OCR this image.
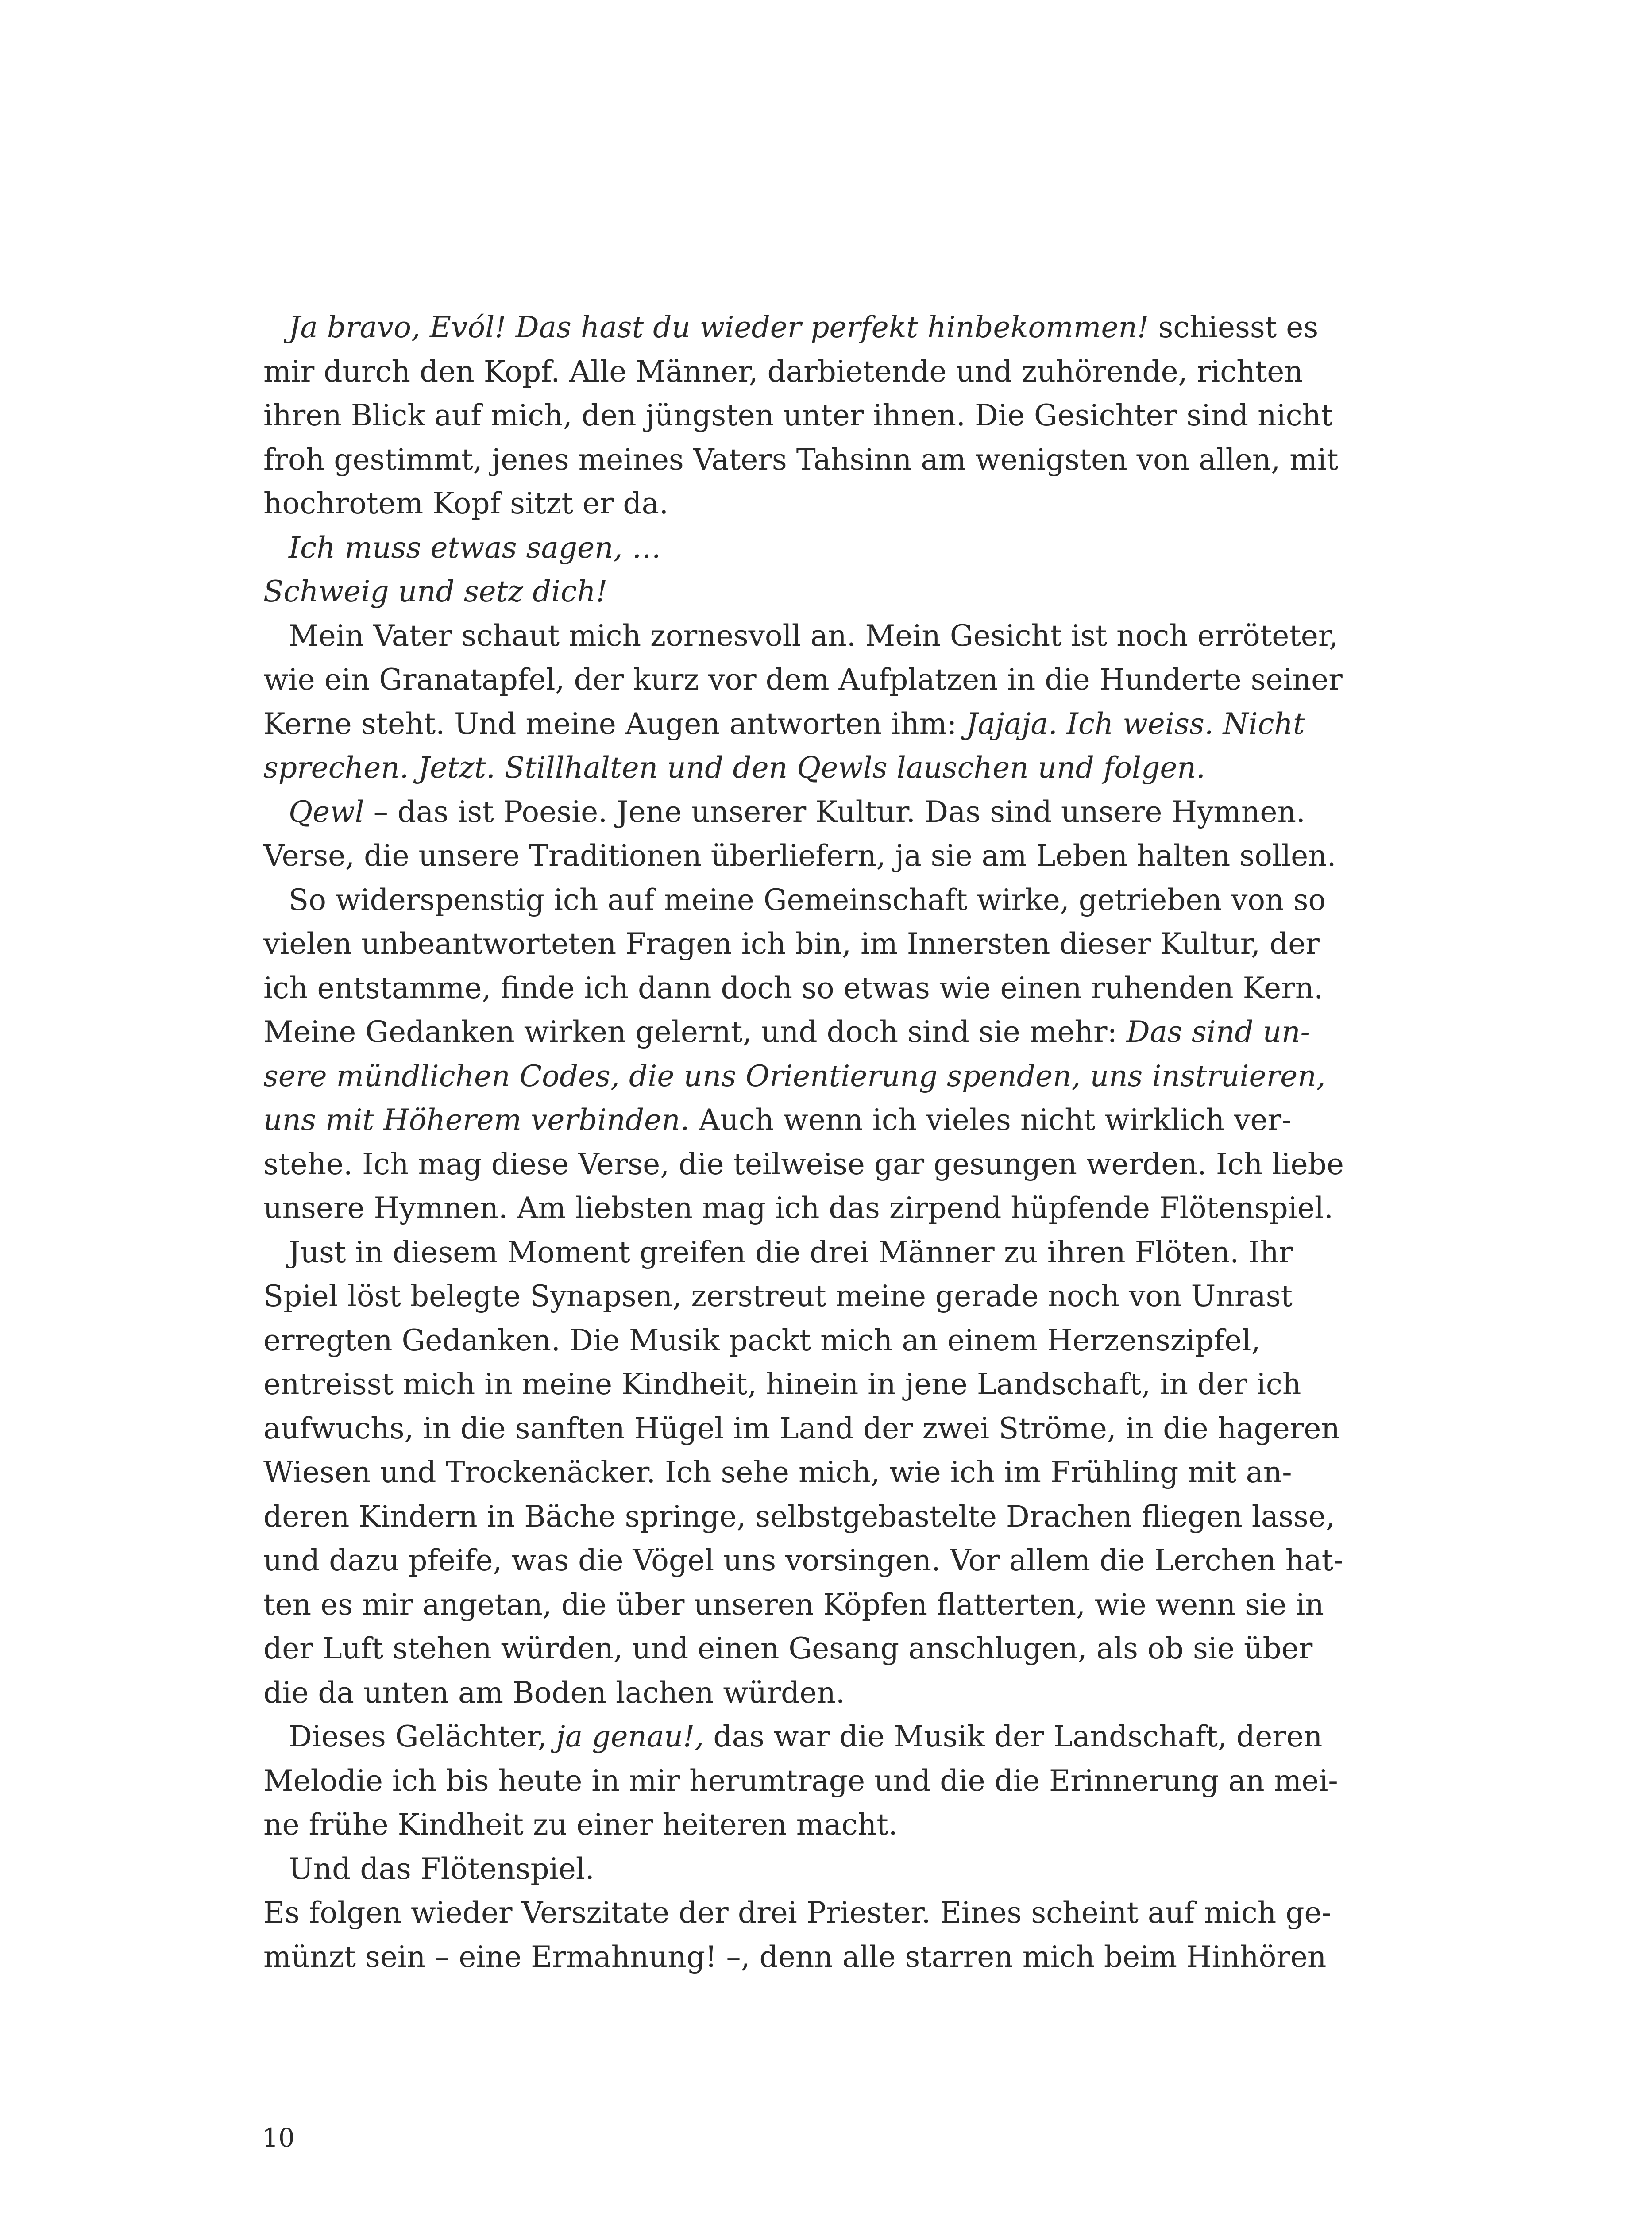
Ja bravo, Evól! Das hast du wieder perfekt hinbekommen! schiesst es
mir durch den Kopf. Alle Männer, darbietende und zuhörende, richten
ihren Blick auf mich, den jüngsten unter ihnen. Die Gesichter sind nicht
froh gestimmt, jenes meines Vaters Tahsinn am wenigsten von allen, mit
hochrotem Kopf sitzt er da.
Ich muss etwas sagen, …
Schweig und setz dich!
Mein Vater schaut mich zornesvoll an. Mein Gesicht ist noch erröteter,
wie ein Granatapfel, der kurz vor dem Aufplatzen in die Hunderte seiner
Kerne steht. Und meine Augen antworten ihm: Jajaja. Ich weiss. Nicht
sprechen. Jetzt. Stillhalten und den Qewls lauschen und folgen.
Qewl – das ist Poesie. Jene unserer Kultur. Das sind unsere Hymnen.
Verse, die unsere Traditionen überliefern, ja sie am Leben halten sollen.
So widerspenstig ich auf meine Gemeinschaft wirke, getrieben von so
vielen unbeantworteten Fragen ich bin, im Innersten dieser Kultur, der
ich entstamme, finde ich dann doch so etwas wie einen ruhenden Kern.
Meine Gedanken wirken gelernt, und doch sind sie mehr: Das sind un-
sere mündlichen Codes, die uns Orientierung spenden, uns instruieren,
uns mit Höherem verbinden. Auch wenn ich vieles nicht wirklich ver-
stehe. Ich mag diese Verse, die teilweise gar gesungen werden. Ich liebe
unsere Hymnen. Am liebsten mag ich das zirpend hüpfende Flötenspiel.
Just in diesem Moment greifen die drei Männer zu ihren Flöten. Ihr
Spiel löst belegte Synapsen, zerstreut meine gerade noch von Unrast
erregten Gedanken. Die Musik packt mich an einem Herzenszipfel,
entreisst mich in meine Kindheit, hinein in jene Landschaft, in der ich
aufwuchs, in die sanften Hügel im Land der zwei Ströme, in die hageren
Wiesen und Trockenäcker. Ich sehe mich, wie ich im Frühling mit an-
deren Kindern in Bäche springe, selbstgebastelte Drachen fliegen lasse,
und dazu pfeife, was die Vögel uns vorsingen. Vor allem die Lerchen hat-
ten es mir angetan, die über unseren Köpfen flatterten, wie wenn sie in
der Luft stehen würden, und einen Gesang anschlugen, als ob sie über
die da unten am Boden lachen würden.
Dieses Gelächter, ja genau!, das war die Musik der Landschaft, deren
Melodie ich bis heute in mir herumtrage und die die Erinnerung an mei-
ne frühe Kindheit zu einer heiteren macht.
Und das Flötenspiel.
Es folgen wieder Verszitate der drei Priester. Eines scheint auf mich ge-
münzt sein – eine Ermahnung! –, denn alle starren mich beim Hinhören
10
